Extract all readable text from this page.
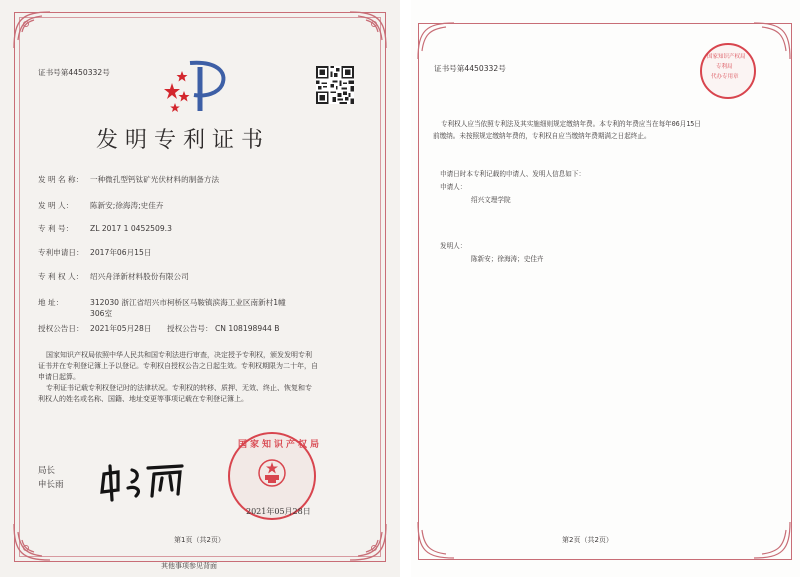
证书号第4450332号
发明专利证书
发 明 名 称： 一种微孔型钙钛矿光伏材料的制备方法
发 明 人： 陈新安;徐海涛;史佳卉
专 利 号： ZL 2017 1 0452509.3
专利申请日： 2017年06月15日
专 利 权 人： 绍兴舟泽新材料股份有限公司
地 址：	312030 浙江省绍兴市柯桥区马鞍镇滨海工业区南新村1幢
306室
授权公告日： 2021年05月28日 授权公告号： CN 108198944 B
国家知识产权局依照中华人民共和国专利法进行审查，决定授予专利权，颁发发明专利
证书并在专利登记簿上予以登记。专利权自授权公告之日起生效。专利权期限为二十年，自
申请日起算。
专利证书记载专利权登记时的法律状况。专利权的转移、质押、无效、终止、恢复和专
利权人的姓名或名称、国籍、地址变更等事项记载在专利登记簿上。
局长
申长雨
国家知识产权局
2021年05月28日
第1页（共2页）
其他事项参见背面
证书号第4450332号
国家知识产权局
专利局
代办专用章
专利权人应当依照专利法及其实施细则规定缴纳年费。本专利的年费应当在每年06月15日
前缴纳。未按照规定缴纳年费的，专利权自应当缴纳年费期满之日起终止。
申请日时本专利记载的申请人、发明人信息如下：
申请人：
绍兴文理学院
发明人：
陈新安；徐海涛；史佳卉
第2页（共2页）
